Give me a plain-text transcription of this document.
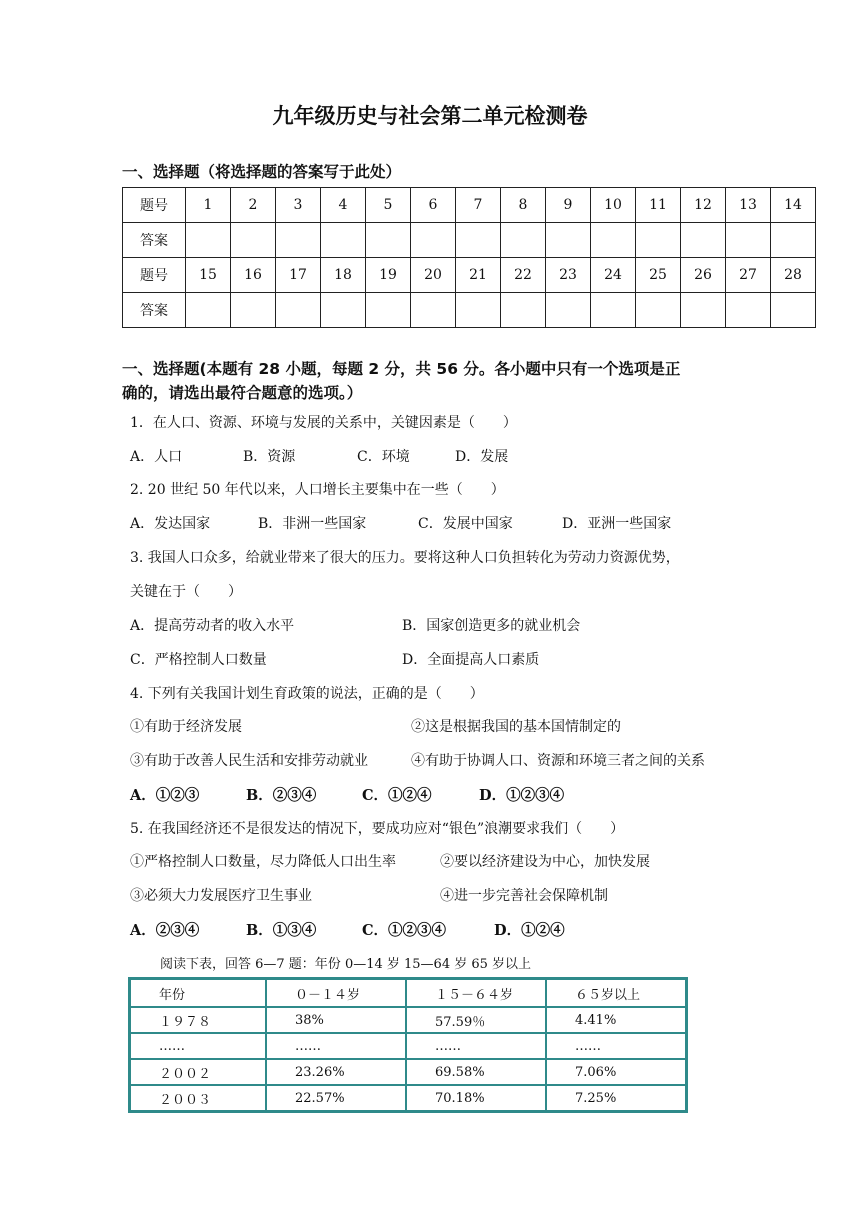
九年级历史与社会第二单元检测卷
一、选择题（将选择题的答案写于此处）
题号	1	2	3	4	5	6	7	8	9	10	11	12	13	14
答案														
题号	15	16	17	18	19	20	21	22	23	24	25	26	27	28
答案														
一、选择题(本题有 28 小题，每题 2 分，共 56 分。各小题中只有一个选项是正
确的，请选出最符合题意的选项。）
1．在人口、资源、环境与发展的关系中，关键因素是（　　）
A．人口	B．资源	C．环境	D．发展
2. 20 世纪 50 年代以来，人口增长主要集中在一些（　　）
A．发达国家	B．非洲一些国家	C．发展中国家	D．亚洲一些国家
3. 我国人口众多，给就业带来了很大的压力。要将这种人口负担转化为劳动力资源优势，
关键在于（　　）
A．提高劳动者的收入水平	B．国家创造更多的就业机会
C．严格控制人口数量	D．全面提高人口素质
4. 下列有关我国计划生育政策的说法，正确的是（　　）
①有助于经济发展	②这是根据我国的基本国情制定的
③有助于改善人民生活和安排劳动就业	④有助于协调人口、资源和环境三者之间的关系
A．①②③	B．②③④	C．①②④	D．①②③④
5. 在我国经济还不是很发达的情况下，要成功应对“银色”浪潮要求我们（　　）
①严格控制人口数量，尽力降低人口出生率	②要以经济建设为中心，加快发展
③必须大力发展医疗卫生事业	④进一步完善社会保障机制
A．②③④	B．①③④	C．①②③④	D．①②④
阅读下表，回答 6—7 题：年份 0—14 岁 15—64 岁 65 岁以上
年份	０－１４岁	１５－６４岁	６５岁以上
１９７８	38%	57.59％	4.41%
……	……	……	……
２００２	23.26%	69.58%	7.06%
２００３	22.57%	70.18%	7.25%
